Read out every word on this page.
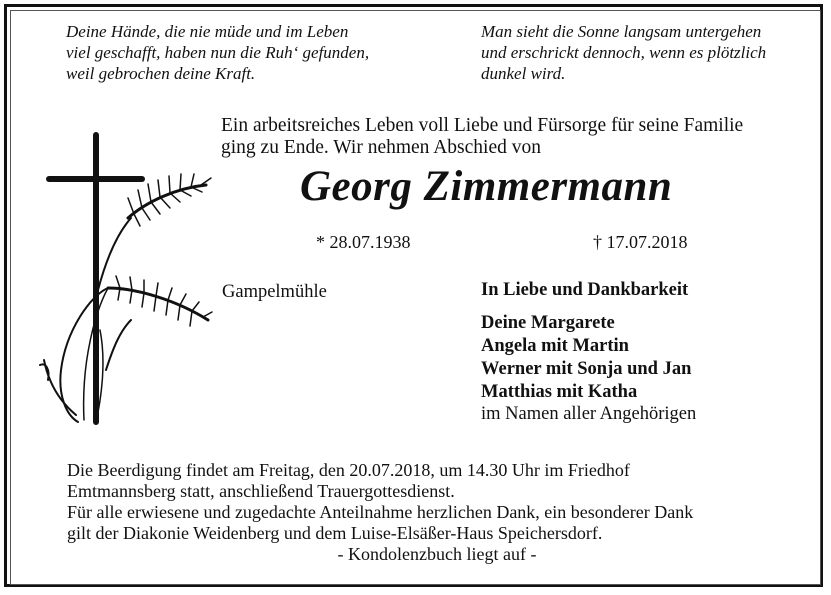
Deine Hände, die nie müde und im Leben
viel geschafft, haben nun die Ruh‘ gefunden,
weil gebrochen deine Kraft.
Man sieht die Sonne langsam untergehen
und erschrickt dennoch, wenn es plötzlich
dunkel wird.
Ein arbeitsreiches Leben voll Liebe und Fürsorge für seine Familie
ging zu Ende. Wir nehmen Abschied von
Georg Zimmermann
* 28.07.1938	† 17.07.2018
Gampelmühle	In Liebe und Dankbarkeit
Deine Margarete
Angela mit Martin
Werner mit Sonja und Jan
Matthias mit Katha
im Namen aller Angehörigen

Die Beerdigung findet am Freitag, den 20.07.2018, um 14.30 Uhr im Friedhof

Emtmannsberg statt, anschließend Trauergottesdienst.

Für alle erwiesene und zugedachte Anteilnahme herzlichen Dank, ein besonderer Dank

gilt der Diakonie Weidenberg und dem Luise-Elsäßer-Haus Speichersdorf.

- Kondolenzbuch liegt auf -
